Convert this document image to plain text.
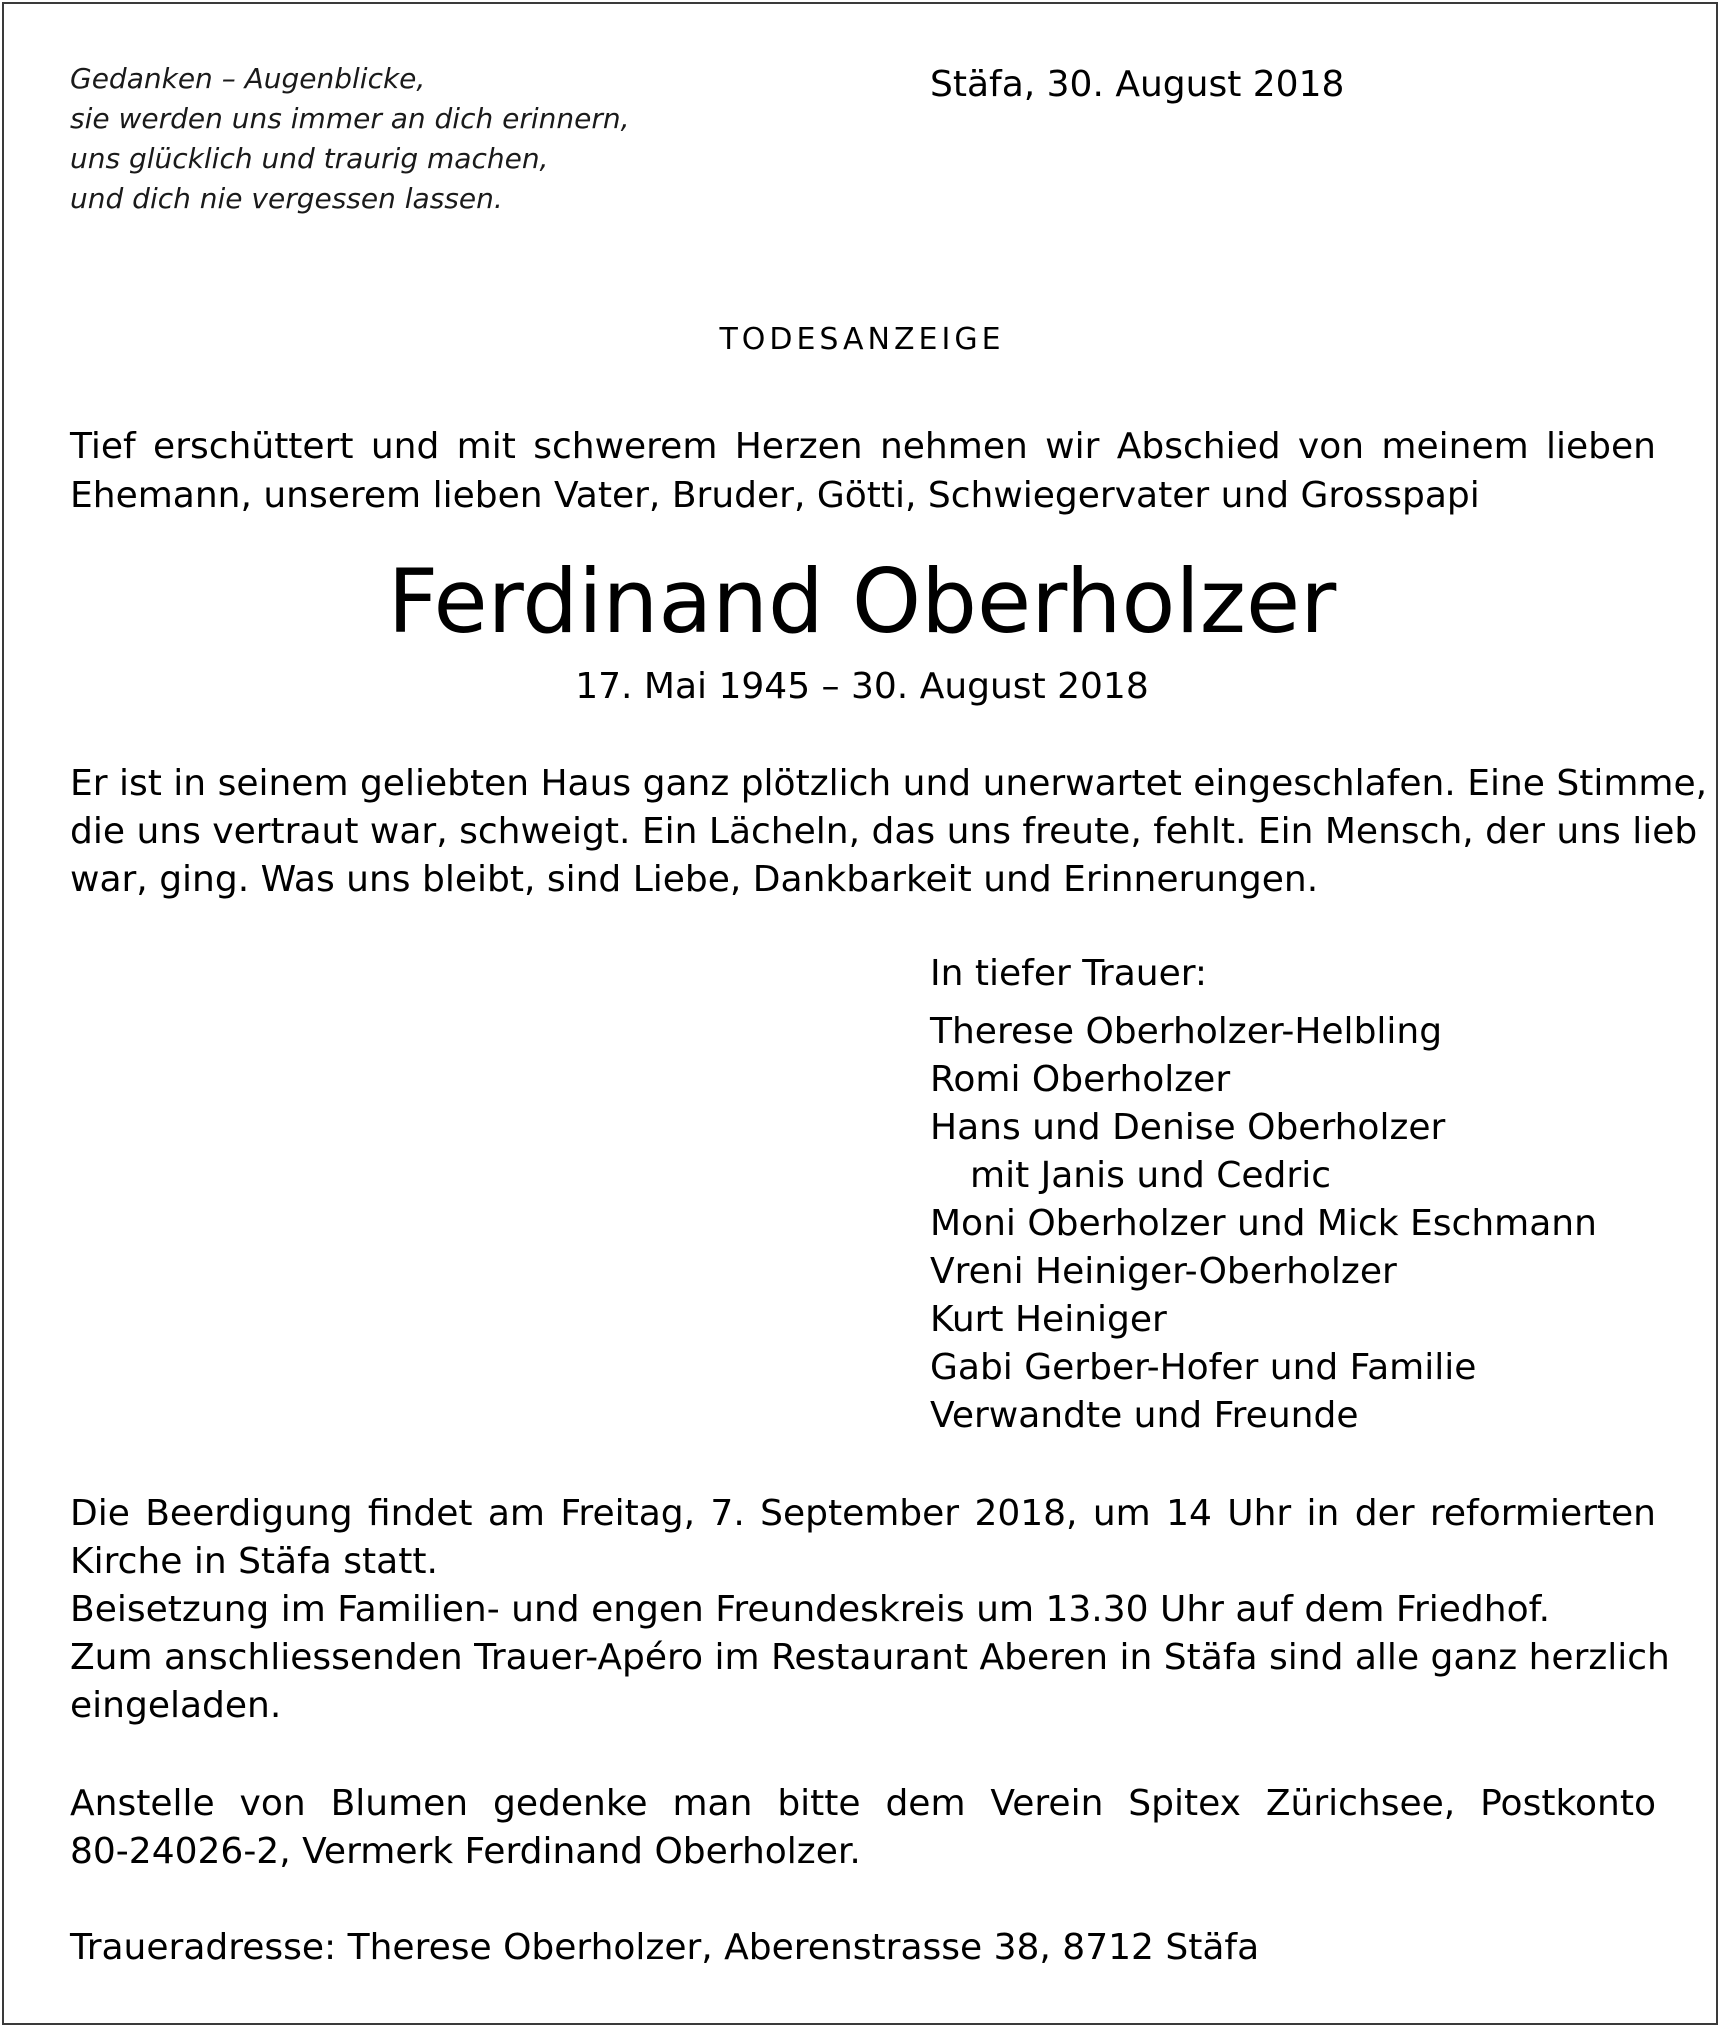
Gedanken – Augenblicke,
sie werden uns immer an dich erinnern,
uns glücklich und traurig machen,
und dich nie vergessen lassen.
Stäfa, 30. August 2018
TODESANZEIGE
Tief erschüttert und mit schwerem Herzen nehmen wir Abschied von meinem lieben
Ehemann, unserem lieben Vater, Bruder, Götti, Schwiegervater und Grosspapi
Ferdinand Oberholzer
17. Mai 1945 – 30. August 2018
Er ist in seinem geliebten Haus ganz plötzlich und unerwartet eingeschlafen. Eine Stimme,
die uns vertraut war, schweigt. Ein Lächeln, das uns freute, fehlt. Ein Mensch, der uns lieb
war, ging. Was uns bleibt, sind Liebe, Dankbarkeit und Erinnerungen.
In tiefer Trauer:
Therese Oberholzer-Helbling
Romi Oberholzer
Hans und Denise Oberholzer
mit Janis und Cedric
Moni Oberholzer und Mick Eschmann
Vreni Heiniger-Oberholzer
Kurt Heiniger
Gabi Gerber-Hofer und Familie
Verwandte und Freunde
Die Beerdigung findet am Freitag, 7. September 2018, um 14 Uhr in der reformierten
Kirche in Stäfa statt.
Beisetzung im Familien- und engen Freundeskreis um 13.30 Uhr auf dem Friedhof.
Zum anschliessenden Trauer-Apéro im Restaurant Aberen in Stäfa sind alle ganz herzlich
eingeladen.
Anstelle von Blumen gedenke man bitte dem Verein Spitex Zürichsee, Postkonto
80-24026-2, Vermerk Ferdinand Oberholzer.
Traueradresse: Therese Oberholzer, Aberenstrasse 38, 8712 Stäfa
